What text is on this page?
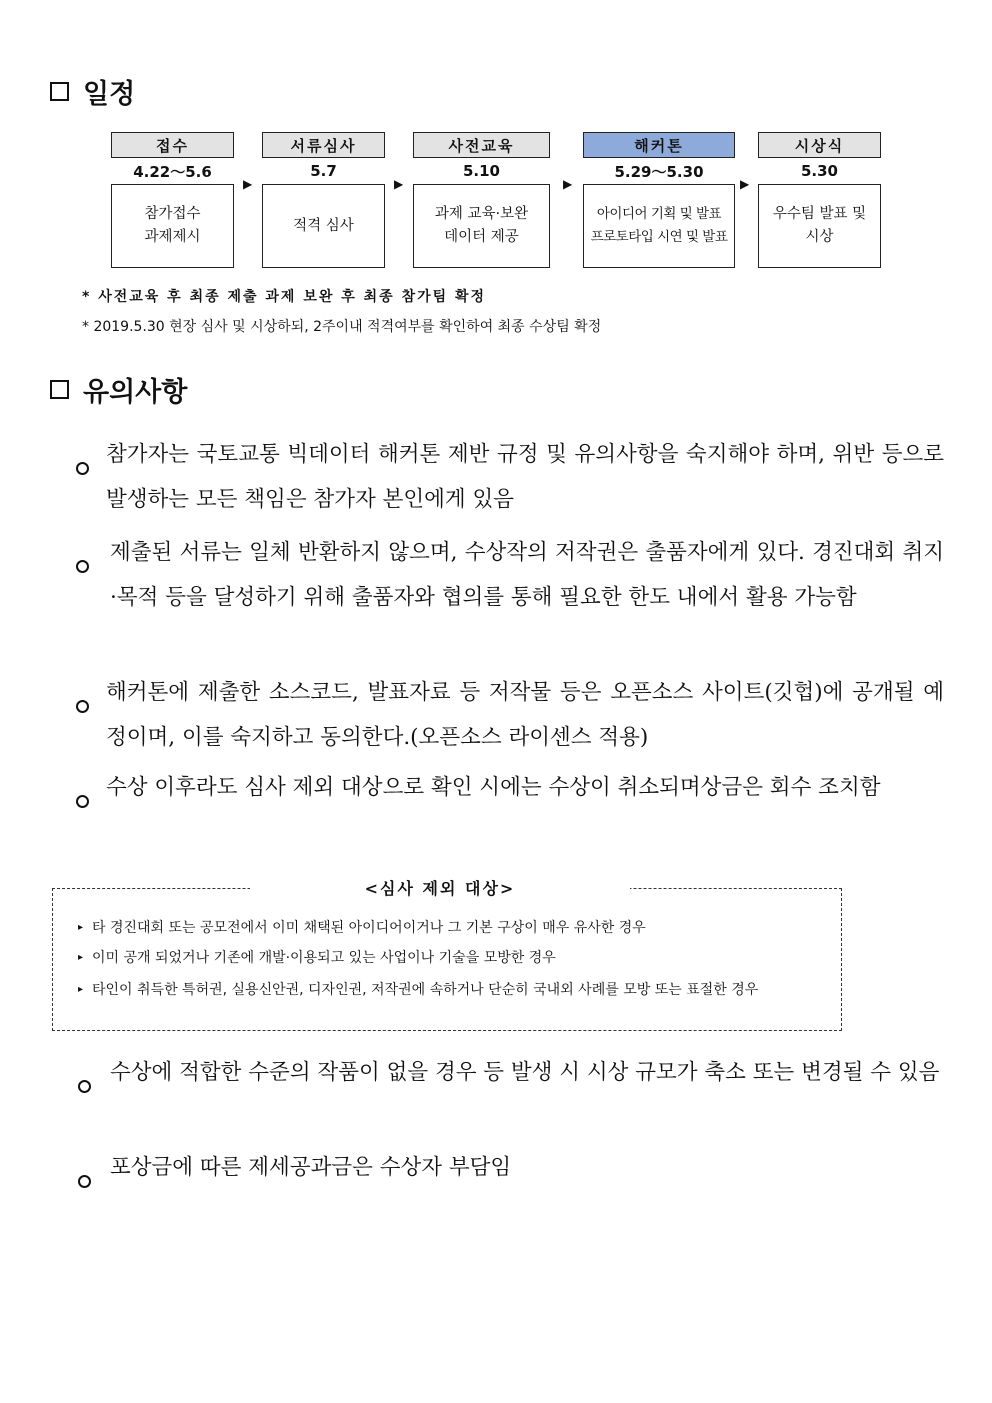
일정
접수
4.22～5.6
참가접수
과제제시
▶
서류심사
5.7
적격 심사
▶
사전교육
5.10
과제 교육·보완
데이터 제공
▶
해커톤
5.29～5.30
아이디어 기획 및 발표
프로토타입 시연 및 발표
▶
시상식
5.30
우수팀 발표 및
시상
* 사전교육 후 최종 제출 과제 보완 후 최종 참가팀 확정
* 2019.5.30 현장 심사 및 시상하되, 2주이내 적격여부를 확인하여 최종 수상팀 확정
유의사항
참가자는 국토교통 빅데이터 해커톤 제반 규정 및 유의사항을 숙지해야 하며, 위반 등으로 발생하는 모든 책임은 참가자 본인에게 있음
제출된 서류는 일체 반환하지 않으며, 수상작의 저작권은 출품자에게 있다. 경진대회 취지·목적 등을 달성하기 위해 출품자와 협의를 통해 필요한 한도 내에서 활용 가능함
해커톤에 제출한 소스코드, 발표자료 등 저작물 등은 오픈소스 사이트(깃헙)에 공개될 예정이며, 이를 숙지하고 동의한다.(오픈소스 라이센스 적용)
수상 이후라도 심사 제외 대상으로 확인 시에는 수상이 취소되며상금은 회수 조치함
<심사 제외 대상>
▸ 타 경진대회 또는 공모전에서 이미 채택된 아이디어이거나 그 기본 구상이 매우 유사한 경우
▸ 이미 공개 되었거나 기존에 개발·이용되고 있는 사업이나 기술을 모방한 경우
▸ 타인이 취득한 특허권, 실용신안권, 디자인권, 저작권에 속하거나 단순히 국내외 사례를 모방 또는 표절한 경우
수상에 적합한 수준의 작품이 없을 경우 등 발생 시 시상 규모가 축소 또는 변경될 수 있음
포상금에 따른 제세공과금은 수상자 부담임
